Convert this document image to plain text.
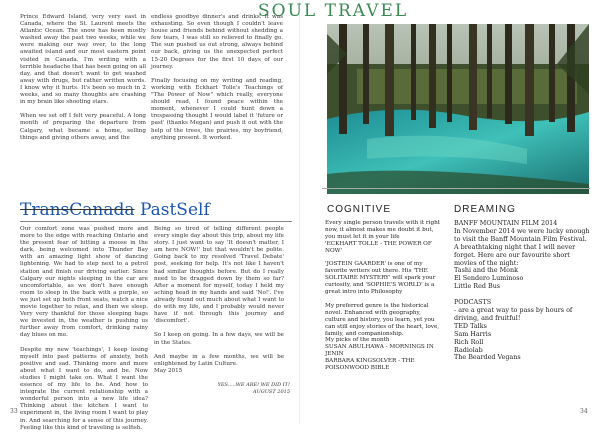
SOUL TRAVEL
Prince Edward Island, very very east in Canada, where the St. Laurent meets the Atlantic Ocean. The snow has been mostly washed away the past two weeks, while we were making our way over, to the long awaited island and our most eastern point visited in Canada. I'm writing with a terrible headache that has been going on all day, and that doesn't want to get washed away with drugs, but rather written words. I know why it hurts. It's been so much in 2 weeks, and so many thoughts are crashing in my brain like shooting stars.

When we set off I felt very peaceful. A long month of preparing the departure from Calgary, what became a home, selling things and giving others away, and the
endless goodbye dinner's and drinks. It was exhausting. So even though I couldn't leave house and friends behind without shedding a few tears, I was still so relieved to finally go. The sun pushed us out strong, always behind our back, giving us the unexpected perfect 15-20 Degrees for the first 10 days of our journey.

Finally focusing on my writing and reading, working with Eckhart Tolle's Teachings of "The Power of Now" which really, everyone should read, I found peace within the moment, whenever I could hunt down a trespassing thought I would label it 'future or past' (thanks Megan) and push it out with the help of the trees, the prairies, my boyfriend, anything present. It worked.
TransCanada PastSelf
Our comfort zone was pushed more and more to the edge with reaching Ontario and the present fear of hitting a moose in the dark, being welcomed into Thunder Bay with an amazing light show of dancing lightening. We had to step next to a petrol station and finish our driving earlier. Since Calgary our nights sleeping in the car are uncomfortable, as we don't have enough room to sleep in the back with a purple, so we just set up both front seats, watch a nice movie together to relax, and then we sleep. Very very thankful for those sleeping bags we invested in, the weather is pushing us further away from comfort, drinking rainy day blues on me.

Despite my new 'teachings', I keep losing myself into past patterns of anxiety, both positive and sad. Thinking more and more about what I want to do, and be. Now studies I might take on. What I want the essence of my life to be. And how to integrate the current relationship with a wonderful person into a new life idea? Thinking about the kitchen I want to experiment in, the living room I want to play in. And searching for a sense of this journey. Feeling like this kind of traveling is selfish.
Being so tired of telling different people every single day about this trip, about my life story. I just want to say 'It doesn't matter, I am here NOW!' but that wouldn't be polite. Going back to my resolved 'Travel Debate' post, seeking for help. It's not like I haven't had similar thoughts before. But do I really need to be dragged down by them so far? After a moment for myself, today I held my aching head in my hands and said 'No!'. I've already found out much about what I want to do with my life, and I probably would never have if not through this journey and 'discomfort'.

So I keep on going. In a few days, we will be in the States.

And maybe in a few months, we will be enlightened by Latin Culture.
May 2015
YES.....WE ARE! WE DID IT!
AUGUST 2015
33
COGNITIVE
Every single person travels with it right now, it almost makes me doubt it but, you must let it in your life
'ECKHART TOLLE - THE POWER OF NOW'

'JOSTEIN GAARDER' is one of my favorite writers out there. His 'THE SOLITAIRE MYSTERY' will spark your curiosity, and 'SOPHIE'S WORLD' is a great intro into Philosophy

My preferred genre is the historical novel. Enhanced with geography, culture and history, you learn, yet you can still enjoy stories of the heart, love, family, and companionship.
My picks of the month
SUSAN ABULHAWA - MORNINGS IN JENIN
BARBARA KINGSOLVER - THE POISONWOOD BIBLE
DREAMING
BANFF MOUNTAIN FILM 2014
In November 2014 we were lucky enough to visit the Banff Mountain Film Festival. A breathtaking night that I will never forget. Here are our favourite short movies of the night:
Tashi and the Monk
El Sendero Luminoso
Little Red Bus

PODCASTS
- are a great way to pass by hours of driving, and fruitful!
TED Talks
Sam Harris
Rich Roll
Radiolab
The Bearded Vegans
34
